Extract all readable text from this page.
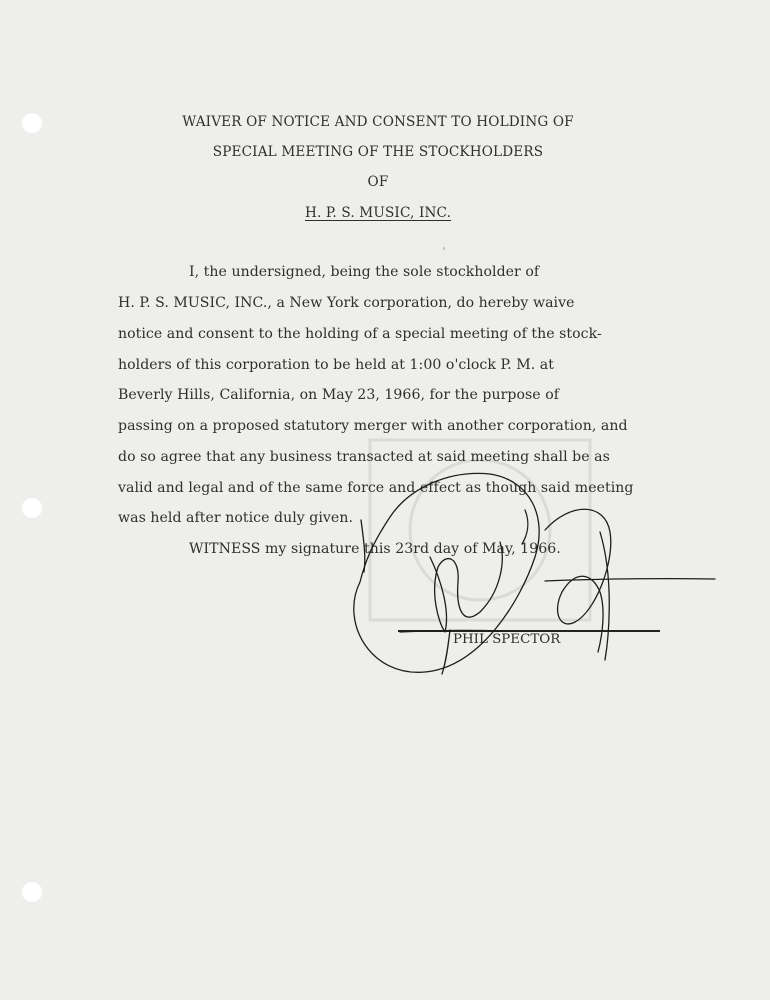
WAIVER OF NOTICE AND CONSENT TO HOLDING OF
SPECIAL MEETING OF THE STOCKHOLDERS
OF
H. P. S. MUSIC, INC.
I, the undersigned, being the sole stockholder of
H. P. S. MUSIC, INC., a New York corporation, do hereby waive
notice and consent to the holding of a special meeting of the stock-
holders of this corporation to be held at 1:00 o'clock P. M. at
Beverly Hills, California, on May 23, 1966, for the purpose of
passing on a proposed statutory merger with another corporation, and
do so agree that any business transacted at said meeting shall be as
valid and legal and of the same force and effect as though said meeting
was held after notice duly given.
WITNESS my signature this 23rd day of May, 1966.
PHIL SPECTOR
